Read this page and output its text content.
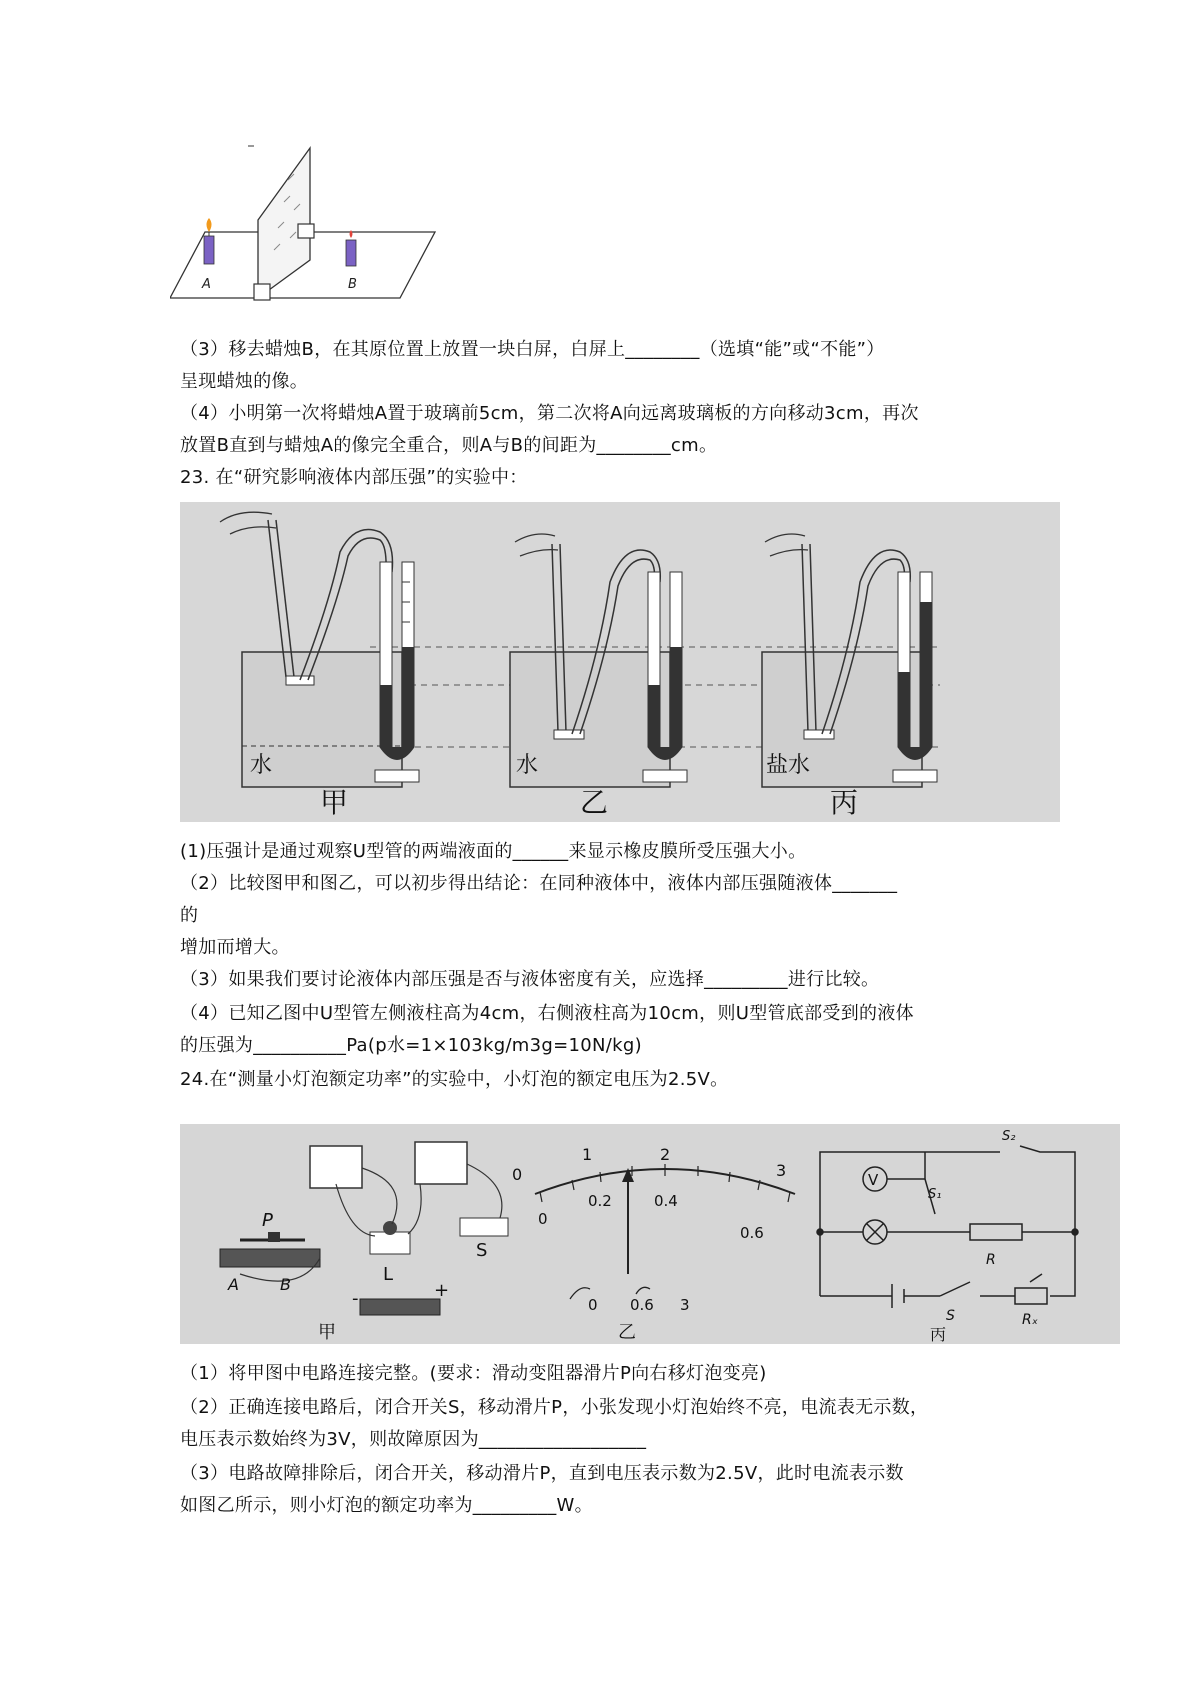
A	B
（3）移去蜡烛B，在其原位置上放置一块白屏，白屏上________（选填“能”或“不能”）
呈现蜡烛的像。
（4）小明第一次将蜡烛A置于玻璃前5cm，第二次将A向远离玻璃板的方向移动3cm，再次
放置B直到与蜡烛A的像完全重合，则A与B的间距为________cm。
23. 在“研究影响液体内部压强”的实验中：
水
甲
水
乙
盐水
丙
(1)压强计是通过观察U型管的两端液面的______来显示橡皮膜所受压强大小。
（2）比较图甲和图乙，可以初步得出结论：在同种液体中，液体内部压强随液体_______
的
增加而增大。
（3）如果我们要讨论液体内部压强是否与液体密度有关，应选择_________进行比较。
（4）已知乙图中U型管左侧液柱高为4cm，右侧液柱高为10cm，则U型管底部受到的液体
的压强为__________Pa(p水=1×103kg/m3g=10N/kg)
24.在“测量小灯泡额定功率”的实验中，小灯泡的额定电压为2.5V。
P
A	B	L
S
-	+
甲
0
1	2
3
0
0.2	0.4
0.6
0 0.6 3
乙
V
S₁
S₂
R
S	Rₓ
丙
（1）将甲图中电路连接完整。(要求：滑动变阻器滑片P向右移灯泡变亮)
（2）正确连接电路后，闭合开关S，移动滑片P，小张发现小灯泡始终不亮，电流表无示数，
电压表示数始终为3V，则故障原因为__________________
（3）电路故障排除后，闭合开关，移动滑片P，直到电压表示数为2.5V，此时电流表示数
如图乙所示，则小灯泡的额定功率为_________W。
